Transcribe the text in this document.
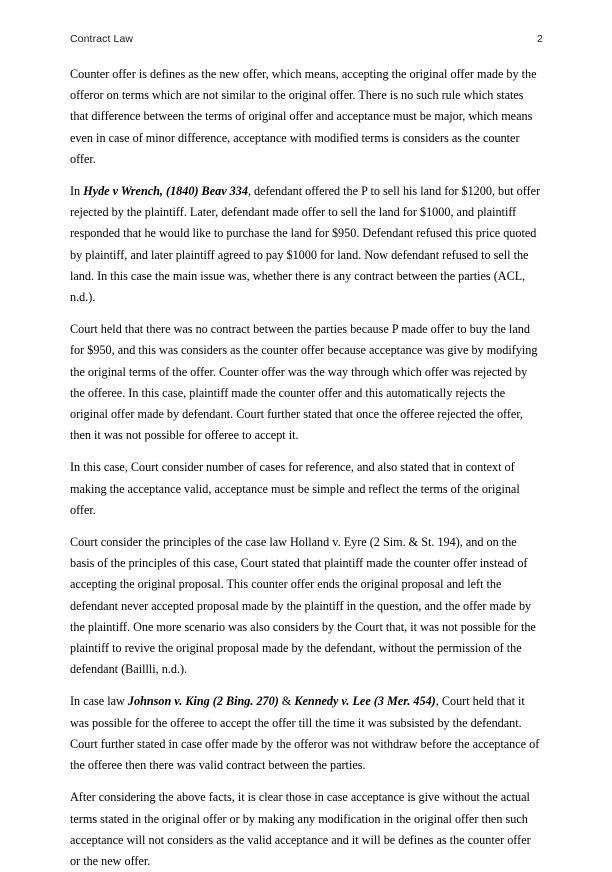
Contract Law	2

Counter offer is defines as the new offer, which means, accepting the original offer made by the offeror on terms which are not similar to the original offer. There is no such rule which states that difference between the terms of original offer and acceptance must be major, which means even in case of minor difference, acceptance with modified terms is considers as the counter offer.

In Hyde v Wrench, (1840) Beav 334, defendant offered the P to sell his land for $1200, but offer rejected by the plaintiff. Later, defendant made offer to sell the land for $1000, and plaintiff responded that he would like to purchase the land for $950. Defendant refused this price quoted by plaintiff, and later plaintiff agreed to pay $1000 for land. Now defendant refused to sell the land. In this case the main issue was, whether there is any contract between the parties (ACL, n.d.).

Court held that there was no contract between the parties because P made offer to buy the land for $950, and this was considers as the counter offer because acceptance was give by modifying the original terms of the offer. Counter offer was the way through which offer was rejected by the offeree. In this case, plaintiff made the counter offer and this automatically rejects the original offer made by defendant. Court further stated that once the offeree rejected the offer, then it was not possible for offeree to accept it.

In this case, Court consider number of cases for reference, and also stated that in context of making the acceptance valid, acceptance must be simple and reflect the terms of the original offer.

Court consider the principles of the case law Holland v. Eyre (2 Sim. & St. 194), and on the basis of the principles of this case, Court stated that plaintiff made the counter offer instead of accepting the original proposal. This counter offer ends the original proposal and left the defendant never accepted proposal made by the plaintiff in the question, and the offer made by the plaintiff. One more scenario was also considers by the Court that, it was not possible for the plaintiff to revive the original proposal made by the defendant, without the permission of the defendant (Baillli, n.d.).

In case law Johnson v. King (2 Bing. 270) & Kennedy v. Lee (3 Mer. 454), Court held that it was possible for the offeree to accept the offer till the time it was subsisted by the defendant. Court further stated in case offer made by the offeror was not withdraw before the acceptance of the offeree then there was valid contract between the parties.

After considering the above facts, it is clear those in case acceptance is give without the actual terms stated in the original offer or by making any modification in the original offer then such acceptance will not considers as the valid acceptance and it will be defines as the counter offer or the new offer.
